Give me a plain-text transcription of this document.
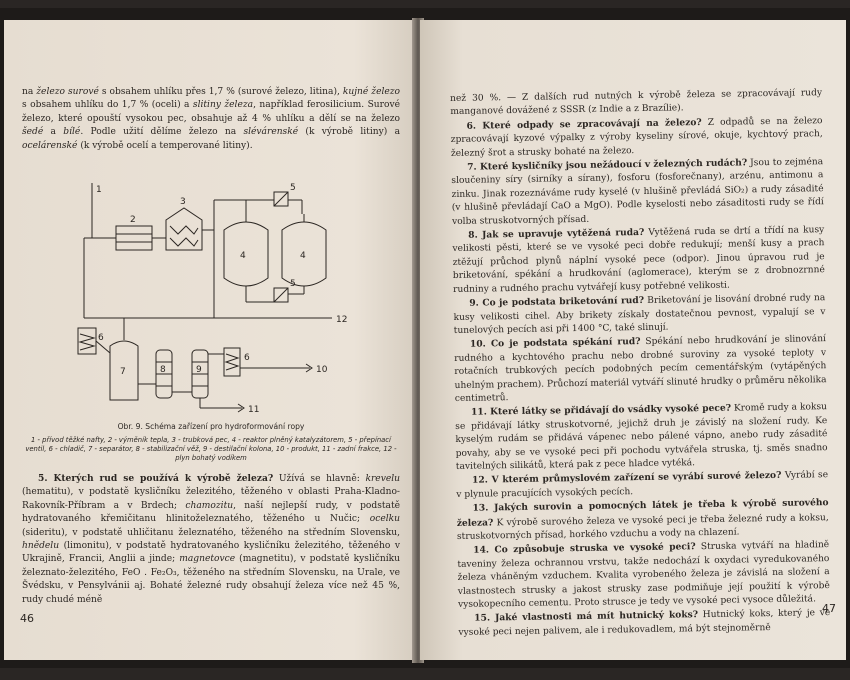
na železo surové s obsahem uhlíku přes 1,7 % (surové železo, litina), kujné železo s obsahem uhlíku do 1,7 % (oceli) a slitiny železa, například ferosilicium. Surové železo, které opouští vysokou pec, obsahuje až 4 % uhlíku a dělí se na železo šedé a bílé. Podle užití dělíme železo na slévárenské (k výrobě litiny) a ocelárenské (k výrobě ocelí a temperované litiny).

1
2
3
4	4
5
5
6
6
7	8	9	10
11
12
Obr. 9. Schéma zařízení pro hydroformování ropy
1 - přívod těžké nafty, 2 - výměník tepla, 3 - trubková pec, 4 - reaktor plněný katalyzátorem, 5 - přepínací ventil, 6 - chladič, 7 - separátor, 8 - stabilizační věž, 9 - destilační kolona, 10 - produkt, 11 - zadní frakce, 12 - plyn bohatý vodíkem

5. Kterých rud se používá k výrobě železa? Užívá se hlavně: krevelu (hematitu), v podstatě kysličníku železitého, těženého v oblasti Praha-Kladno-Rakovník-Příbram a v Brdech; chamozitu, naší nejlepší rudy, v podstatě hydratovaného křemičitanu hlinitoželeznatého, těženého u Nučic; ocelku (sideritu), v podstatě uhličitanu železnatého, těženého na středním Slovensku, hnědelu (limonitu), v podstatě hydratovaného kysličníku železitého, těženého v Ukrajině, Francii, Anglii a jinde; magnetovce (magnetitu), v podstatě kysličníku železnato-železitého, FeO . Fe₂O₃, těženého na středním Slovensku, na Urale, ve Švédsku, v Pensylvánii aj. Bohaté železné rudy obsahují železa více než 45 %, rudy chudé méně

46

než 30 %. — Z dalších rud nutných k výrobě železa se zpracovávají rudy manganové dovážené z SSSR (z Indie a z Brazílie).

6. Které odpady se zpracovávají na železo? Z odpadů se na železo zpracovávají kyzové výpalky z výroby kyseliny sírové, okuje, kychtový prach, železný šrot a strusky bohaté na železo.

7. Které kysličníky jsou nežádoucí v železných rudách? Jsou to zejména sloučeniny síry (sirníky a sírany), fosforu (fosforečnany), arzénu, antimonu a zinku. Jinak rozeznáváme rudy kyselé (v hlušině převládá SiO₂) a rudy zásadité (v hlušině převládají CaO a MgO). Podle kyselosti nebo zásaditosti rudy se řídí volba struskotvorných přísad.

8. Jak se upravuje vytěžená ruda? Vytěžená ruda se drtí a třídí na kusy velikosti pěsti, které se ve vysoké peci dobře redukují; menší kusy a prach ztěžují průchod plynů náplní vysoké pece (odpor). Jinou úpravou rud je briketování, spékání a hrudkování (aglomerace), kterým se z drobnozrnné rudniny a rudného prachu vytvářejí kusy potřebné velikosti.

9. Co je podstata briketování rud? Briketování je lisování drobné rudy na kusy velikosti cihel. Aby brikety získaly dostatečnou pevnost, vypalují se v tunelových pecích asi při 1400 °C, také slinují.

10. Co je podstata spékání rud? Spékání nebo hrudkování je slinování rudného a kychtového prachu nebo drobné suroviny za vysoké teploty v rotačních trubkových pecích podobných pecím cementářským (vytápěných uhelným prachem). Průchozí materiál vytváří slinuté hrudky o průměru několika centimetrů.

11. Které látky se přidávají do vsádky vysoké pece? Kromě rudy a koksu se přidávají látky struskotvorné, jejichž druh je závislý na složení rudy. Ke kyselým rudám se přidává vápenec nebo pálené vápno, anebo rudy zásadité povahy, aby se ve vysoké peci při pochodu vytvářela struska, tj. směs snadno tavitelných silikátů, která pak z pece hladce vytéká.

12. V kterém průmyslovém zařízení se vyrábí surové železo? Vyrábí se v plynule pracujících vysokých pecích.

13. Jakých surovin a pomocných látek je třeba k výrobě surového železa? K výrobě surového železa ve vysoké peci je třeba železné rudy a koksu, struskotvorných přísad, horkého vzduchu a vody na chlazení.

14. Co způsobuje struska ve vysoké peci? Struska vytváří na hladině taveniny železa ochrannou vrstvu, takže nedochází k oxydaci vyredukovaného železa vháněným vzduchem. Kvalita vyrobeného železa je závislá na složení a vlastnostech strusky a jakost strusky zase podmiňuje její použití k výrobě vysokopecního cementu. Proto strusce je tedy ve vysoké peci vysoce důležitá.

15. Jaké vlastnosti má mít hutnický koks? Hutnický koks, který je ve vysoké peci nejen palivem, ale i redukovadlem, má být stejnoměrně

47
